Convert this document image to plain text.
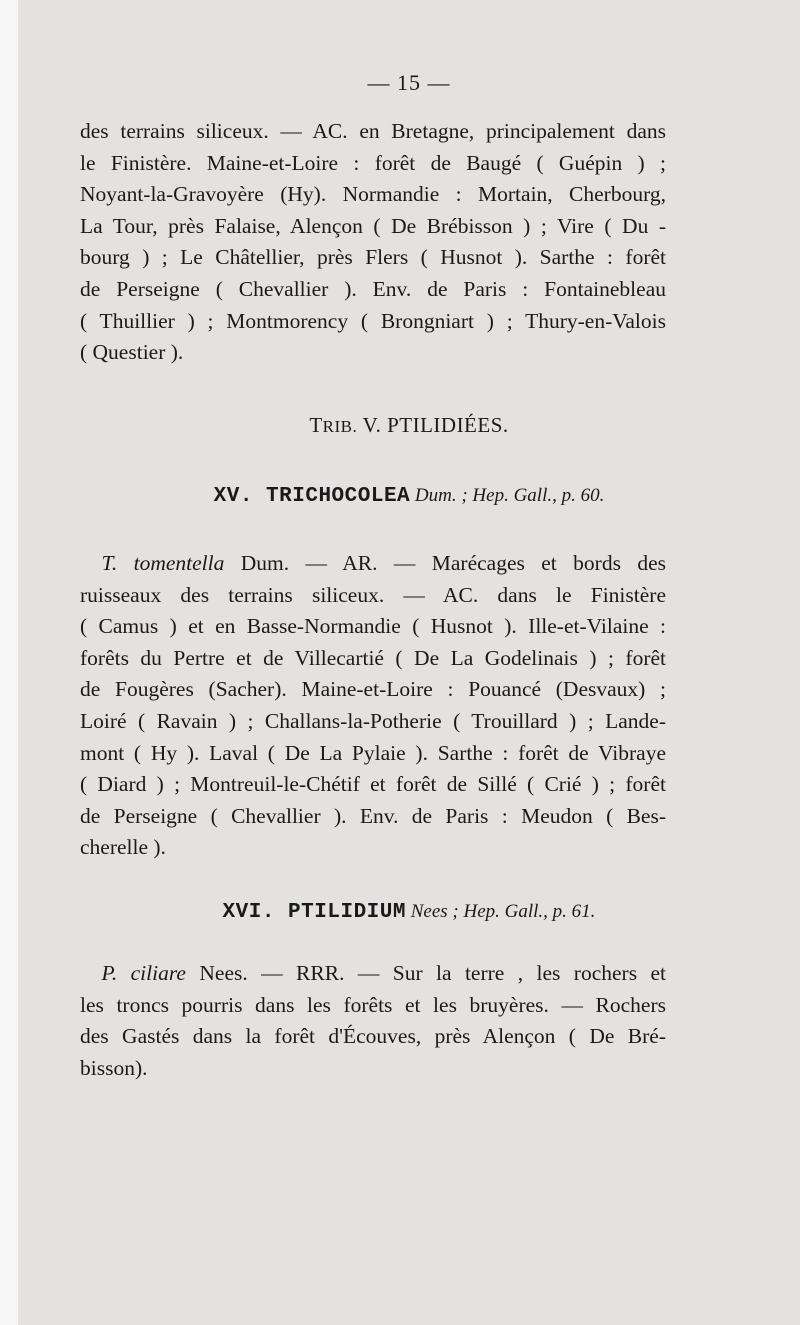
— 15 —
des terrains siliceux. — AC. en Bretagne, principalement dans
le Finistère. Maine-et-Loire : forêt de Baugé ( Guépin ) ;
Noyant-la-Gravoyère (Hy). Normandie : Mortain, Cherbourg,
La Tour, près Falaise, Alençon ( De Brébisson ) ; Vire ( Du -
bourg ) ; Le Châtellier, près Flers ( Husnot ). Sarthe : forêt
de Perseigne ( Chevallier ). Env. de Paris : Fontainebleau
( Thuillier ) ; Montmorency ( Brongniart ) ; Thury-en-Valois
( Questier ).
TRIB. V. PTILIDIÉES.
XV. TRICHOCOLEA Dum. ; Hep. Gall., p. 60.
 T. tomentella Dum. — AR. — Marécages et bords des
ruisseaux des terrains siliceux. — AC. dans le Finistère
( Camus ) et en Basse-Normandie ( Husnot ). Ille-et-Vilaine :
forêts du Pertre et de Villecartié ( De La Godelinais ) ; forêt
de Fougères (Sacher). Maine-et-Loire : Pouancé (Desvaux) ;
Loiré ( Ravain ) ; Challans-la-Potherie ( Trouillard ) ; Lande-
mont ( Hy ). Laval ( De La Pylaie ). Sarthe : forêt de Vibraye
( Diard ) ; Montreuil-le-Chétif et forêt de Sillé ( Crié ) ; forêt
de Perseigne ( Chevallier ). Env. de Paris : Meudon ( Bes-
cherelle ).
XVI. PTILIDIUM Nees ; Hep. Gall., p. 61.
 P. ciliare Nees. — RRR. — Sur la terre , les rochers et
les troncs pourris dans les forêts et les bruyères. — Rochers
des Gastés dans la forêt d'Écouves, près Alençon ( De Bré-
bisson).
